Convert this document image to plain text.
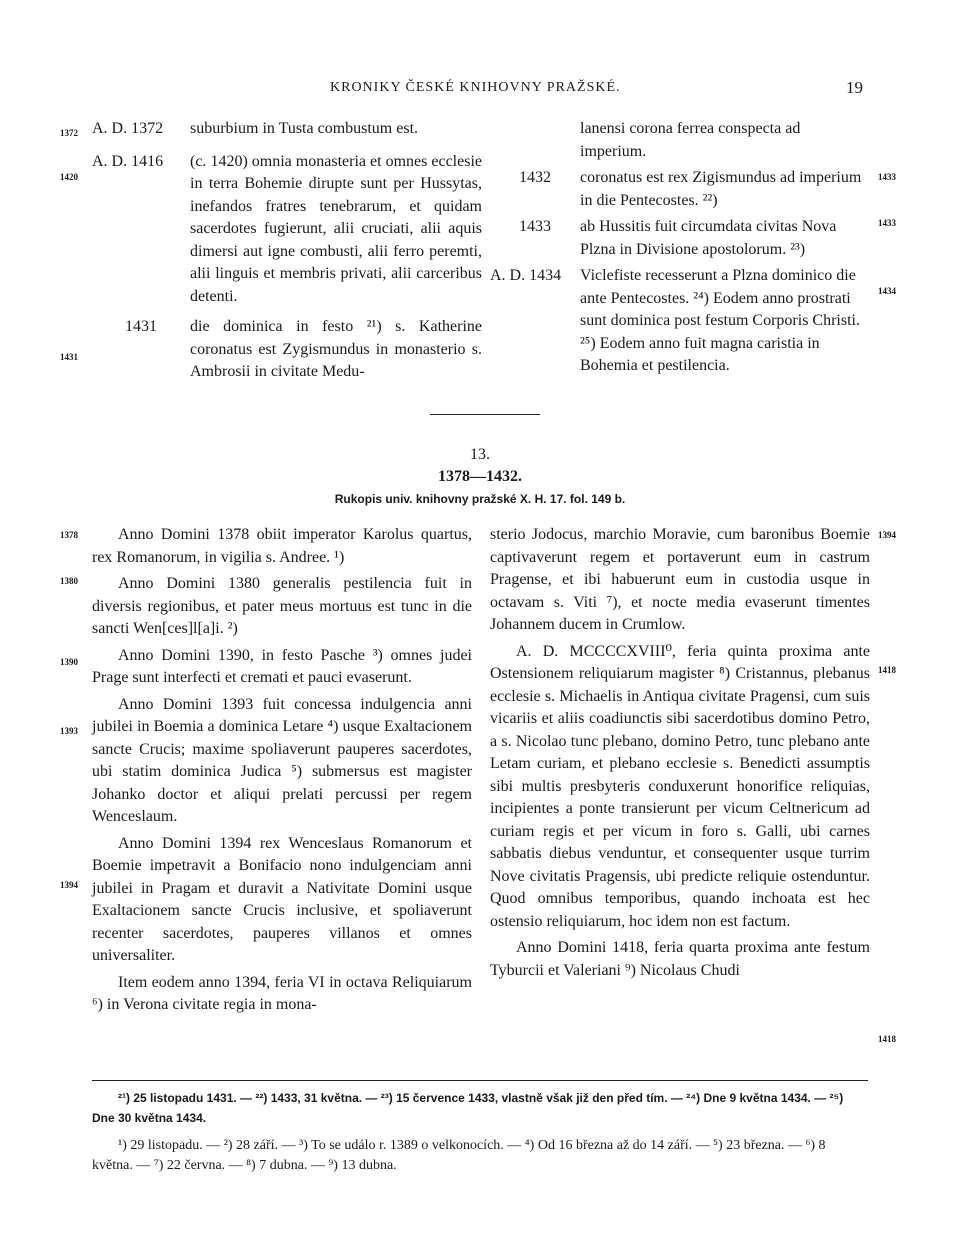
KRONIKY ČESKÉ KNIHOVNY PRAŽSKÉ.	19
1372
1420
1431
1378
1380
1390
1393
1394
1433
1433
1434
1394
1418
1418
A. D. 1372	suburbium in Tusta combustum est.
A. D. 1416	(c. 1420) omnia monasteria et omnes ecclesie in terra Bohemie dirupte sunt per Hussytas, inefandos fratres tenebrarum, et quidam sacerdotes fugierunt, alii cruciati, alii aquis dimersi aut igne combusti, alii ferro peremti, alii linguis et membris privati, alii carceribus detenti.
1431	die dominica in festo ²¹) s. Katherine coronatus est Zygismundus in monasterio s. Ambrosii in civitate Medu-
lanensi corona ferrea conspecta ad imperium.
1432	coronatus est rex Zigismundus ad imperium in die Pentecostes. ²²)
1433	ab Hussitis fuit circumdata civitas Nova Plzna in Divisione apostolorum. ²³)
A. D. 1434	Viclefiste recesserunt a Plzna dominico die ante Pentecostes. ²⁴) Eodem anno prostrati sunt dominica post festum Corporis Christi. ²⁵) Eodem anno fuit magna caristia in Bohemia et pestilencia.
13.
1378—1432.
Rukopis univ. knihovny pražské X. H. 17. fol. 149 b.

Anno Domini 1378 obiit imperator Karolus quartus, rex Romanorum, in vigilia s. Andree. ¹)

Anno Domini 1380 generalis pestilencia fuit in diversis regionibus, et pater meus mortuus est tunc in die sancti Wen[ces]l[a]i. ²)

Anno Domini 1390, in festo Pasche ³) omnes judei Prage sunt interfecti et cremati et pauci evaserunt.

Anno Domini 1393 fuit concessa indulgencia anni jubilei in Boemia a dominica Letare ⁴) usque Exaltacionem sancte Crucis; maxime spoliaverunt pauperes sacerdotes, ubi statim dominica Judica ⁵) submersus est magister Johanko doctor et aliqui prelati percussi per regem Wenceslaum.

Anno Domini 1394 rex Wenceslaus Romanorum et Boemie impetravit a Bonifacio nono indulgenciam anni jubilei in Pragam et duravit a Nativitate Domini usque Exaltacionem sancte Crucis inclusive, et spoliaverunt recenter sacerdotes, pauperes villanos et omnes universaliter.

Item eodem anno 1394, feria VI in octava Reliquiarum ⁶) in Verona civitate regia in mona-

sterio Jodocus, marchio Moravie, cum baronibus Boemie captivaverunt regem et portaverunt eum in castrum Pragense, et ibi habuerunt eum in custodia usque in octavam s. Viti ⁷), et nocte media evaserunt timentes Johannem ducem in Crumlow.

A. D. MCCCCXVIII⁰, feria quinta proxima ante Ostensionem reliquiarum magister ⁸) Cristannus, plebanus ecclesie s. Michaelis in Antiqua civitate Pragensi, cum suis vicariis et aliis coadiunctis sibi sacerdotibus domino Petro, a s. Nicolao tunc plebano, domino Petro, tunc plebano ante Letam curiam, et plebano ecclesie s. Benedicti assumptis sibi multis presbyteris conduxerunt honorifice reliquias, incipientes a ponte transierunt per vicum Celtnericum ad curiam regis et per vicum in foro s. Galli, ubi carnes sabbatis diebus venduntur, et consequenter usque turrim Nove civitatis Pragensis, ubi predicte reliquie ostenduntur. Quod omnibus temporibus, quando inchoata est hec ostensio reliquiarum, hoc idem non est factum.

Anno Domini 1418, feria quarta proxima ante festum Tyburcii et Valeriani ⁹) Nicolaus Chudi

²¹) 25 listopadu 1431. — ²²) 1433, 31 května. — ²³) 15 července 1433, vlastně však již den před tím. — ²⁴) Dne 9 května 1434. — ²⁵) Dne 30 května 1434.

¹) 29 listopadu. — ²) 28 září. — ³) To se událo r. 1389 o velkonocích. — ⁴) Od 16 března až do 14 září. — ⁵) 23 března. — ⁶) 8 května. — ⁷) 22 června. — ⁸) 7 dubna. — ⁹) 13 dubna.
